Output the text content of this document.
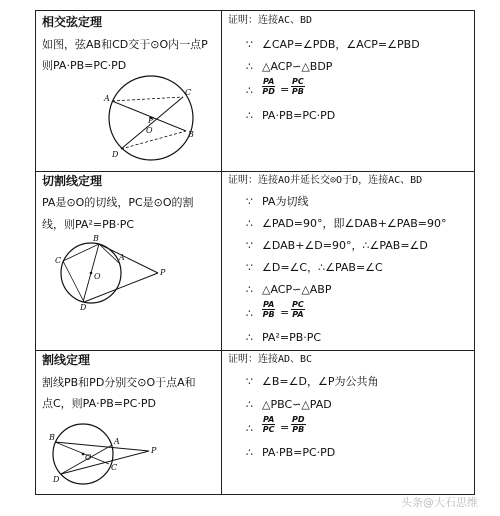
相交弦定理
如图，弦AB和CD交于⊙O内一点P
则PA·PB=PC·PD
A
C
P
O	B
D
证明：连接AC、BD
∵ ∠CAP=∠PDB，∠ACP=∠PBD
∴ △ACP∽△BDP
∴ $\frac{PA}{PD} = \frac{PC}{PB}$
∴ PA·PB=PC·PD
切割线定理
PA是⊙O的切线，PC是⊙O的割
线，则PA²=PB·PC
B
A
O	P
C
D
证明：连接AO并延长交⊙O于D，连接AC、BD
∵ PA为切线
∴ ∠PAD=90°，即∠DAB+∠PAB=90°
∵ ∠DAB+∠D=90°，∴∠PAB=∠D
∵ ∠D=∠C，∴∠PAB=∠C
∴ △ACP∽△ABP
∴ $\frac{PA}{PB} = \frac{PC}{PA}$
∴ PA²=PB·PC
割线定理
割线PB和PD分别交⊙O于点A和
点C，则PA·PB=PC·PD
B	A
O
P
C
D
证明：连接AD、BC
∵ ∠B=∠D，∠P为公共角
∴ △PBC∽△PAD
∴ $\frac{PA}{PC} = \frac{PD}{PB}$
∴ PA·PB=PC·PD
头条@大石思维
